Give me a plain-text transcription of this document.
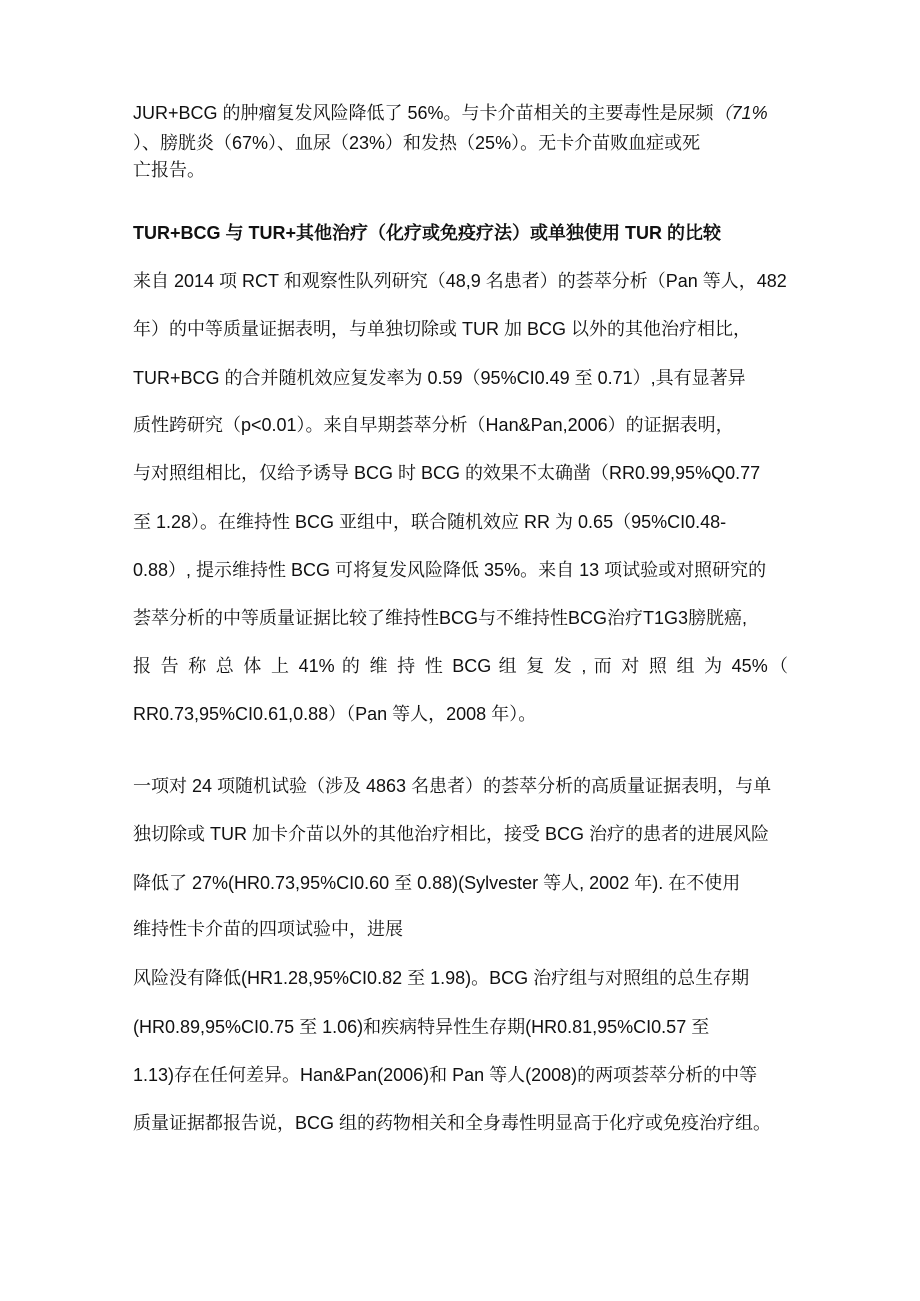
JUR+BCG 的肿瘤复发风险降低了 56%。与卡介苗相关的主要毒性是尿频（71%
）、膀胱炎（67%）、血尿（23%）和发热（25%）。无卡介苗败血症或死
亡报告。
TUR+BCG 与 TUR+其他治疗（化疗或免疫疗法）或单独使用 TUR 的比较
来自 2014 项 RCT 和观察性队列研究（48,9 名患者）的荟萃分析（Pan 等人，482
年）的中等质量证据表明，与单独切除或 TUR 加 BCG 以外的其他治疗相比，
TUR+BCG 的合并随机效应复发率为 0.59（95%CI0.49 至 0.71）,具有显著异
质性跨研究（p<0.01）。来自早期荟萃分析（Han&Pan,2006）的证据表明，
与对照组相比，仅给予诱导 BCG 时 BCG 的效果不太确凿（RR0.99,95%Q0.77
至 1.28）。在维持性 BCG 亚组中，联合随机效应 RR 为 0.65（95%CI0.48-
0.88）, 提示维持性 BCG 可将复发风险降低 35%。来自 13 项试验或对照研究的
荟萃分析的中等质量证据比较了维持性BCG与不维持性BCG治疗T1G3膀胱癌,
报 告 称 总 体 上 41% 的 维 持 性 BCG 组 复 发 , 而 对 照 组 为 45%（
RR0.73,95%CI0.61,0.88）（Pan 等人，2008 年）。
一项对 24 项随机试验（涉及 4863 名患者）的荟萃分析的高质量证据表明，与单
独切除或 TUR 加卡介苗以外的其他治疗相比，接受 BCG 治疗的患者的进展风险
降低了 27%(HR0.73,95%CI0.60 至 0.88)(Sylvester 等人, 2002 年). 在不使用
维持性卡介苗的四项试验中，进展
风险没有降低(HR1.28,95%CI0.82 至 1.98)。BCG 治疗组与对照组的总生存期
(HR0.89,95%CI0.75 至 1.06)和疾病特异性生存期(HR0.81,95%CI0.57 至
1.13)存在任何差异。Han&Pan(2006)和 Pan 等人(2008)的两项荟萃分析的中等
质量证据都报告说，BCG 组的药物相关和全身毒性明显高于化疗或免疫治疗组。
